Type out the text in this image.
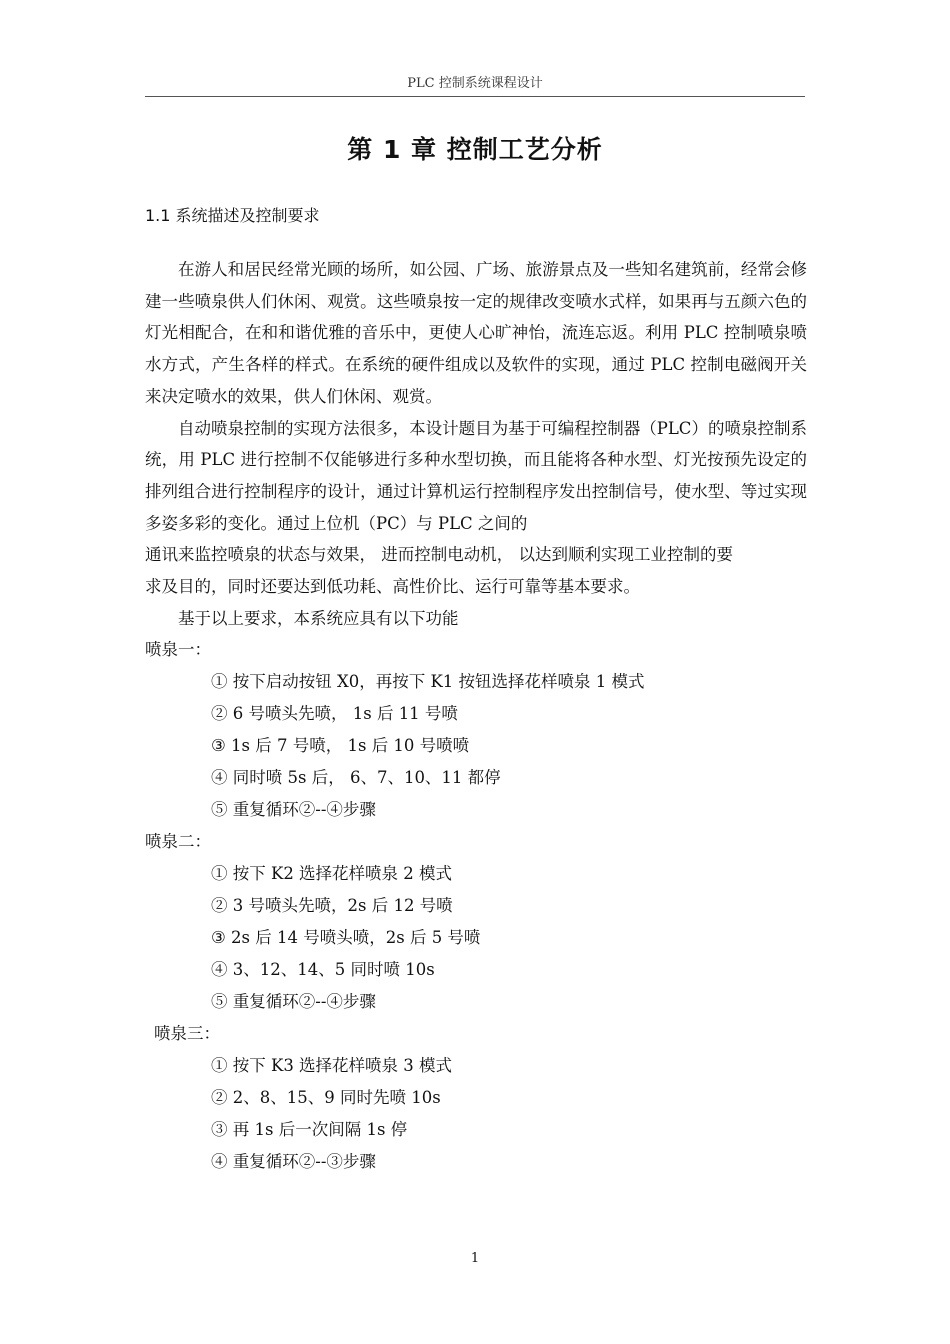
PLC 控制系统课程设计
第 1 章 控制工艺分析
1.1 系统描述及控制要求

在游人和居民经常光顾的场所，如公园、广场、旅游景点及一些知名建筑前，经常会修建一些喷泉供人们休闲、观赏。这些喷泉按一定的规律改变喷水式样，如果再与五颜六色的灯光相配合，在和和谐优雅的音乐中，更使人心旷神怡，流连忘返。利用 PLC 控制喷泉喷水方式，产生各样的样式。在系统的硬件组成以及软件的实现，通过 PLC 控制电磁阀开关来决定喷水的效果，供人们休闲、观赏。

自动喷泉控制的实现方法很多，本设计题目为基于可编程控制器（PLC）的喷泉控制系统，用 PLC 进行控制不仅能够进行多种水型切换，而且能将各种水型、灯光按预先设定的排列组合进行控制程序的设计，通过计算机运行控制程序发出控制信号，使水型、等过实现多姿多彩的变化。通过上位机（PC）与 PLC 之间的

通讯来监控喷泉的状态与效果， 进而控制电动机， 以达到顺利实现工业控制的要

求及目的，同时还要达到低功耗、高性价比、运行可靠等基本要求。

基于以上要求，本系统应具有以下功能

喷泉一：

① 按下启动按钮 X0，再按下 K1 按钮选择花样喷泉 1 模式

② 6 号喷头先喷， 1s 后 11 号喷

③ 1s 后 7 号喷， 1s 后 10 号喷喷

④ 同时喷 5s 后， 6、7、10、11 都停

⑤ 重复循环②--④步骤

喷泉二：

① 按下 K2 选择花样喷泉 2 模式

② 3 号喷头先喷，2s 后 12 号喷

③ 2s 后 14 号喷头喷，2s 后 5 号喷

④ 3、12、14、5 同时喷 10s

⑤ 重复循环②--④步骤

喷泉三：

① 按下 K3 选择花样喷泉 3 模式

② 2、8、15、9 同时先喷 10s

③ 再 1s 后一次间隔 1s 停

④ 重复循环②--③步骤

1
